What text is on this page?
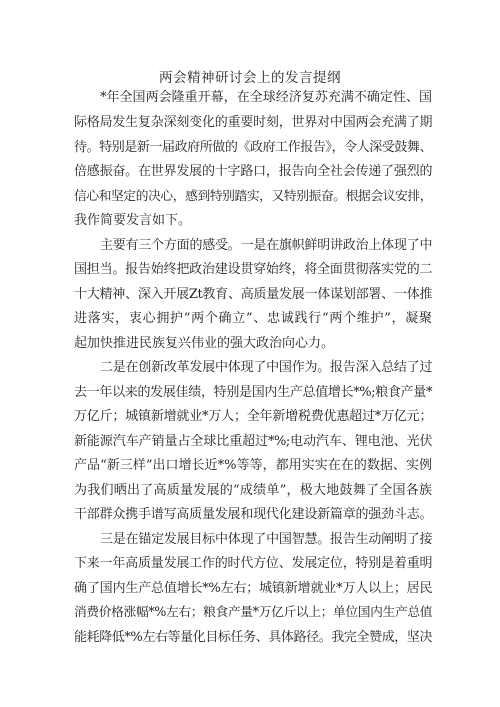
两会精神研讨会上的发言提纲
*年全国两会隆重开幕，在全球经济复苏充满不确定性、国
际格局发生复杂深刻变化的重要时刻，世界对中国两会充满了期
待。特别是新一届政府所做的《政府工作报告》，令人深受鼓舞、
倍感振奋。在世界发展的十字路口，报告向全社会传递了强烈的
信心和坚定的决心，感到特别踏实，又特别振奋。根据会议安排，
我作简要发言如下。
主要有三个方面的感受。一是在旗帜鲜明讲政治上体现了中
国担当。报告始终把政治建设贯穿始终，将全面贯彻落实党的二
十大精神、深入开展Zt教育、高质量发展一体谋划部署、一体推
进落实，衷心拥护“两个确立”、忠诚践行“两个维护”，凝聚
起加快推进民族复兴伟业的强大政治向心力。
二是在创新改革发展中体现了中国作为。报告深入总结了过
去一年以来的发展佳绩，特别是国内生产总值增长*%;粮食产量*
万亿斤；城镇新增就业*万人；全年新增税费优惠超过*万亿元；
新能源汽车产销量占全球比重超过*%;电动汽车、锂电池、光伏
产品“新三样”出口增长近*%等等，都用实实在在的数据、实例
为我们晒出了高质量发展的“成绩单”，极大地鼓舞了全国各族
干部群众携手谱写高质量发展和现代化建设新篇章的强劲斗志。
三是在锚定发展目标中体现了中国智慧。报告生动阐明了接
下来一年高质量发展工作的时代方位、发展定位，特别是着重明
确了国内生产总值增长*%左右；城镇新增就业*万人以上；居民
消费价格涨幅*%左右；粮食产量*万亿斤以上；单位国内生产总值
能耗降低*%左右等量化目标任务、具体路径。我完全赞成，坚决
